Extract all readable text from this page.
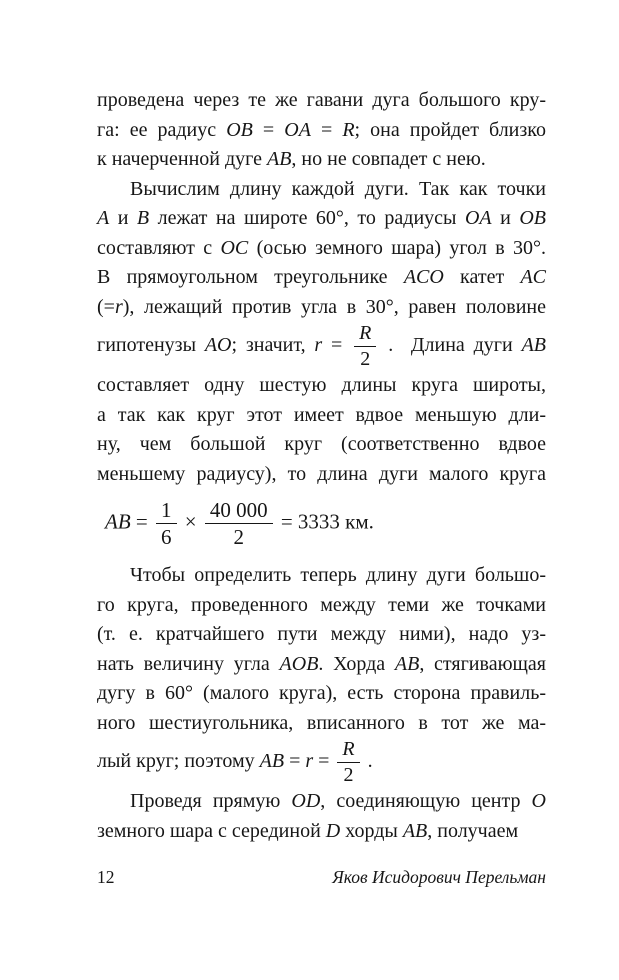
проведена через те же гавани дуга большого кру-
га: ее радиус OB = OA = R; она пройдет близко
к начерченной дуге AB, но не совпадет с нею.
Вычислим длину каждой дуги. Так как точки
A и B лежат на широте 60°, то радиусы OA и OB
составляют с OC (осью земного шара) угол в 30°.
В прямоугольном треугольнике ACO катет AC
(=r), лежащий против угла в 30°, равен половине
гипотенузы AO; значит, $r = \frac{R}{2}$ .  Длина дуги AB
составляет одну шестую длины круга широты,
а так как круг этот имеет вдвое меньшую дли-
ну, чем большой круг (соответственно вдвое
меньшему радиусу), то длина дуги малого круга
AB = $\frac{1}{6} \times \frac{40 000}{2} = 3333$ км.
Чтобы определить теперь длину дуги большо-
го круга, проведенного между теми же точками
(т. е. кратчайшего пути между ними), надо уз-
нать величину угла AOB. Хорда AB, стягивающая
дугу в 60° (малого круга), есть сторона правиль-
ного шестиугольника, вписанного в тот же ма-
лый круг; поэтому AB = $r = \frac{R}{2}$ .
Проведя прямую OD, соединяющую центр O
земного шара с серединой D хорды AB, получаем
12	Яков Исидорович Перельман
